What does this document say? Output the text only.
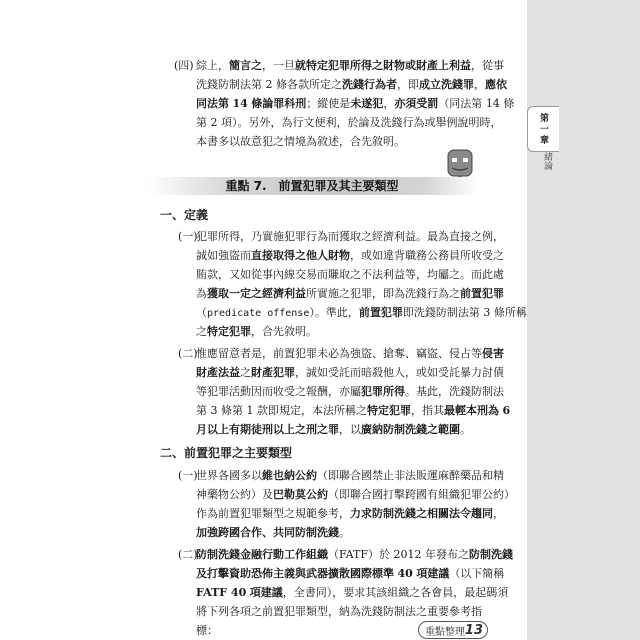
第一章
緒論
(四) 綜上，簡言之，一旦就特定犯罪所得之財物或財產上利益，從事
洗錢防制法第 2 條各款所定之洗錢行為者，即成立洗錢罪，應依
同法第 14 條論罪科刑；縱使是未遂犯，亦須受罰（同法第 14 條
第 2 項）。另外，為行文便利，於論及洗錢行為或舉例說明時，
本書多以故意犯之情境為敘述，合先敘明。
重點 7.　前置犯罪及其主要類型
一、定義
(一)
犯罪所得，乃實施犯罪行為而獲取之經濟利益。最為直接之例，
誠如強盜而直接取得之他人財物，或如違背職務公務員所收受之
賄款，又如從事內線交易而賺取之不法利益等，均屬之。而此處
為獲取一定之經濟利益所實施之犯罪，即為洗錢行為之前置犯罪
（predicate offense）。準此，前置犯罪即洗錢防制法第 3 條所稱
之特定犯罪，合先敘明。
(二)
惟應留意者是，前置犯罪未必為強盜、搶奪、竊盜、侵占等侵害
財產法益之財產犯罪，誠如受託而暗殺他人，或如受託暴力討債
等犯罪活動因而收受之報酬，亦屬犯罪所得。基此，洗錢防制法
第 3 條第 1 款即規定，本法所稱之特定犯罪，指其最輕本刑為 6
月以上有期徒刑以上之刑之罪，以廣納防制洗錢之範圍。
二、前置犯罪之主要類型
(一)
世界各國多以維也納公約（即聯合國禁止非法販運麻醉藥品和精
神藥物公約）及巴勒莫公約（即聯合國打擊跨國有組織犯罪公約）
作為前置犯罪類型之規範參考，力求防制洗錢之相關法令趨同，
加強跨國合作、共同防制洗錢。
(二)
防制洗錢金融行動工作組織（FATF）於 2012 年發布之防制洗錢
及打擊資助恐佈主義與武器擴散國際標準 40 項建議（以下簡稱
FATF 40 項建議，全書同），要求其該組織之各會員，最起碼須
將下列各項之前置犯罪類型，納為洗錢防制法之重要參考指標：	重點整理 13
